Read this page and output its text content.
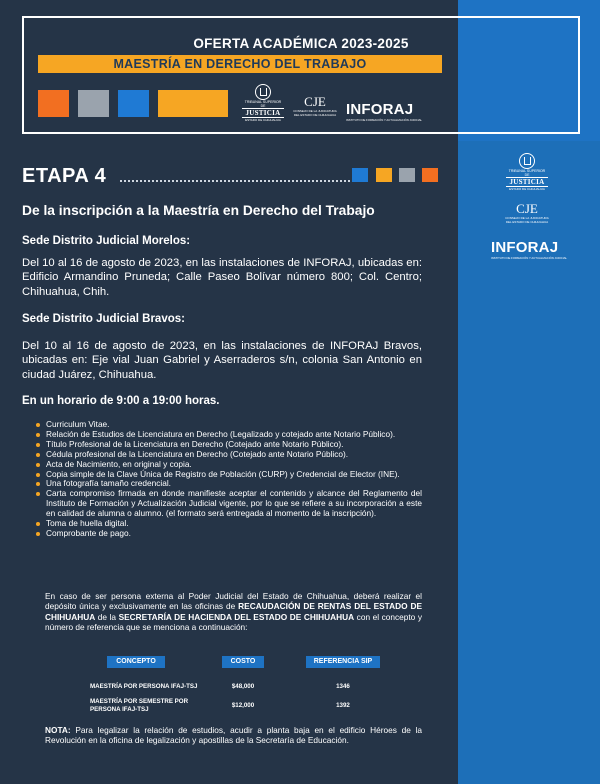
OFERTA ACADÉMICA 2023-2025
MAESTRÍA EN DERECHO DEL TRABAJO
TRIBUNAL SUPERIOR DE
JUSTICIA
ESTADO DE CHIHUAHUA
CJE
CONSEJO DE LA JUDICATURA
DEL ESTADO DE CHIHUAHUA INFORAJ
INSTITUTO DE FORMACIÓN Y ACTUALIZACIÓN JUDICIAL
TRIBUNAL SUPERIOR DE
JUSTICIA
ESTADO DE CHIHUAHUA
CJE
CONSEJO DE LA JUDICATURA
DEL ESTADO DE CHIHUAHUA
INFORAJ
INSTITUTO DE FORMACIÓN Y ACTUALIZACIÓN JUDICIAL
ETAPA 4
De la inscripción a la Maestría en Derecho del Trabajo
Sede Distrito Judicial Morelos:
Del 10 al 16 de agosto de 2023, en las instalaciones de INFORAJ, ubicadas en: Edificio Armandino Pruneda; Calle Paseo Bolívar número 800; Col. Centro; Chihuahua, Chih.
Sede Distrito Judicial Bravos:
Del 10 al 16 de agosto de 2023, en las instalaciones de INFORAJ Bravos, ubicadas en: Eje vial Juan Gabriel y Aserraderos s/n, colonia San Antonio en ciudad Juárez, Chihuahua.
En un horario de 9:00 a 19:00 horas.
Curriculum Vitae.
Relación de Estudios de Licenciatura en Derecho (Legalizado y cotejado ante Notario Público).
Título Profesional de la Licenciatura en Derecho (Cotejado ante Notario Público).
Cédula profesional de la Licenciatura en Derecho (Cotejado ante Notario Público).
Acta de Nacimiento, en original y copia.
Copia simple de la Clave Única de Registro de Población (CURP) y Credencial de Elector (INE).
Una fotografía tamaño credencial.
Carta compromiso firmada en donde manifieste aceptar el contenido y alcance del Reglamento del Instituto de Formación y Actualización Judicial vigente, por lo que se refiere a su incorporación a este en calidad de alumna o alumno. (el formato será entregada al momento de la inscripción).
Toma de huella digital.
Comprobante de pago.
En caso de ser persona externa al Poder Judicial del Estado de Chihuahua, deberá realizar el depósito única y exclusivamente en las oficinas de RECAUDACIÓN DE RENTAS DEL ESTADO DE CHIHUAHUA de la SECRETARÍA DE HACIENDA DEL ESTADO DE CHIHUAHUA con el concepto y número de referencia que se menciona a continuación:
CONCEPTO	COSTO	REFERENCIA SIP
MAESTRÍA POR PERSONA IFAJ-TSJ	$48,000	1346
MAESTRÍA POR SEMESTRE POR PERSONA IFAJ-TSJ	$12,000	1392
NOTA: Para legalizar la relación de estudios, acudir a planta baja en el edificio Héroes de la Revolución en la oficina de legalización y apostillas de la Secretaría de Educación.
